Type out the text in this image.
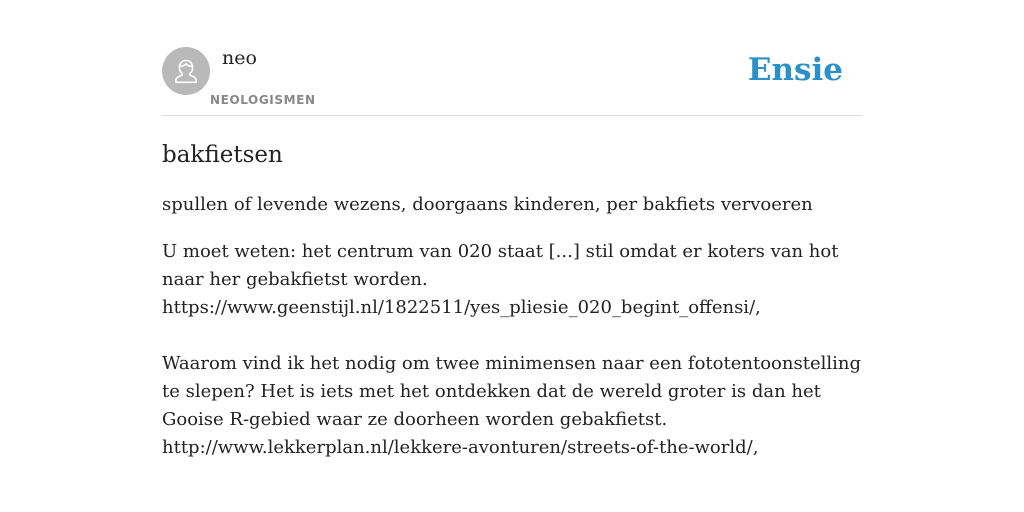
neo
NEOLOGISMEN
Ensie
bakfietsen

spullen of levende wezens, doorgaans kinderen, per bakfiets vervoeren

U moet weten: het centrum van 020 staat [...] stil omdat er koters van hot naar her gebakfietst worden.

https://www.geenstijl.nl/1822511/yes_pliesie_020_begint_offensi/,

Waarom vind ik het nodig om twee minimensen naar een fototentoonstelling te slepen? Het is iets met het ontdekken dat de wereld groter is dan het Gooise R-gebied waar ze doorheen worden gebakfietst.

http://www.lekkerplan.nl/lekkere-avonturen/streets-of-the-world/,
